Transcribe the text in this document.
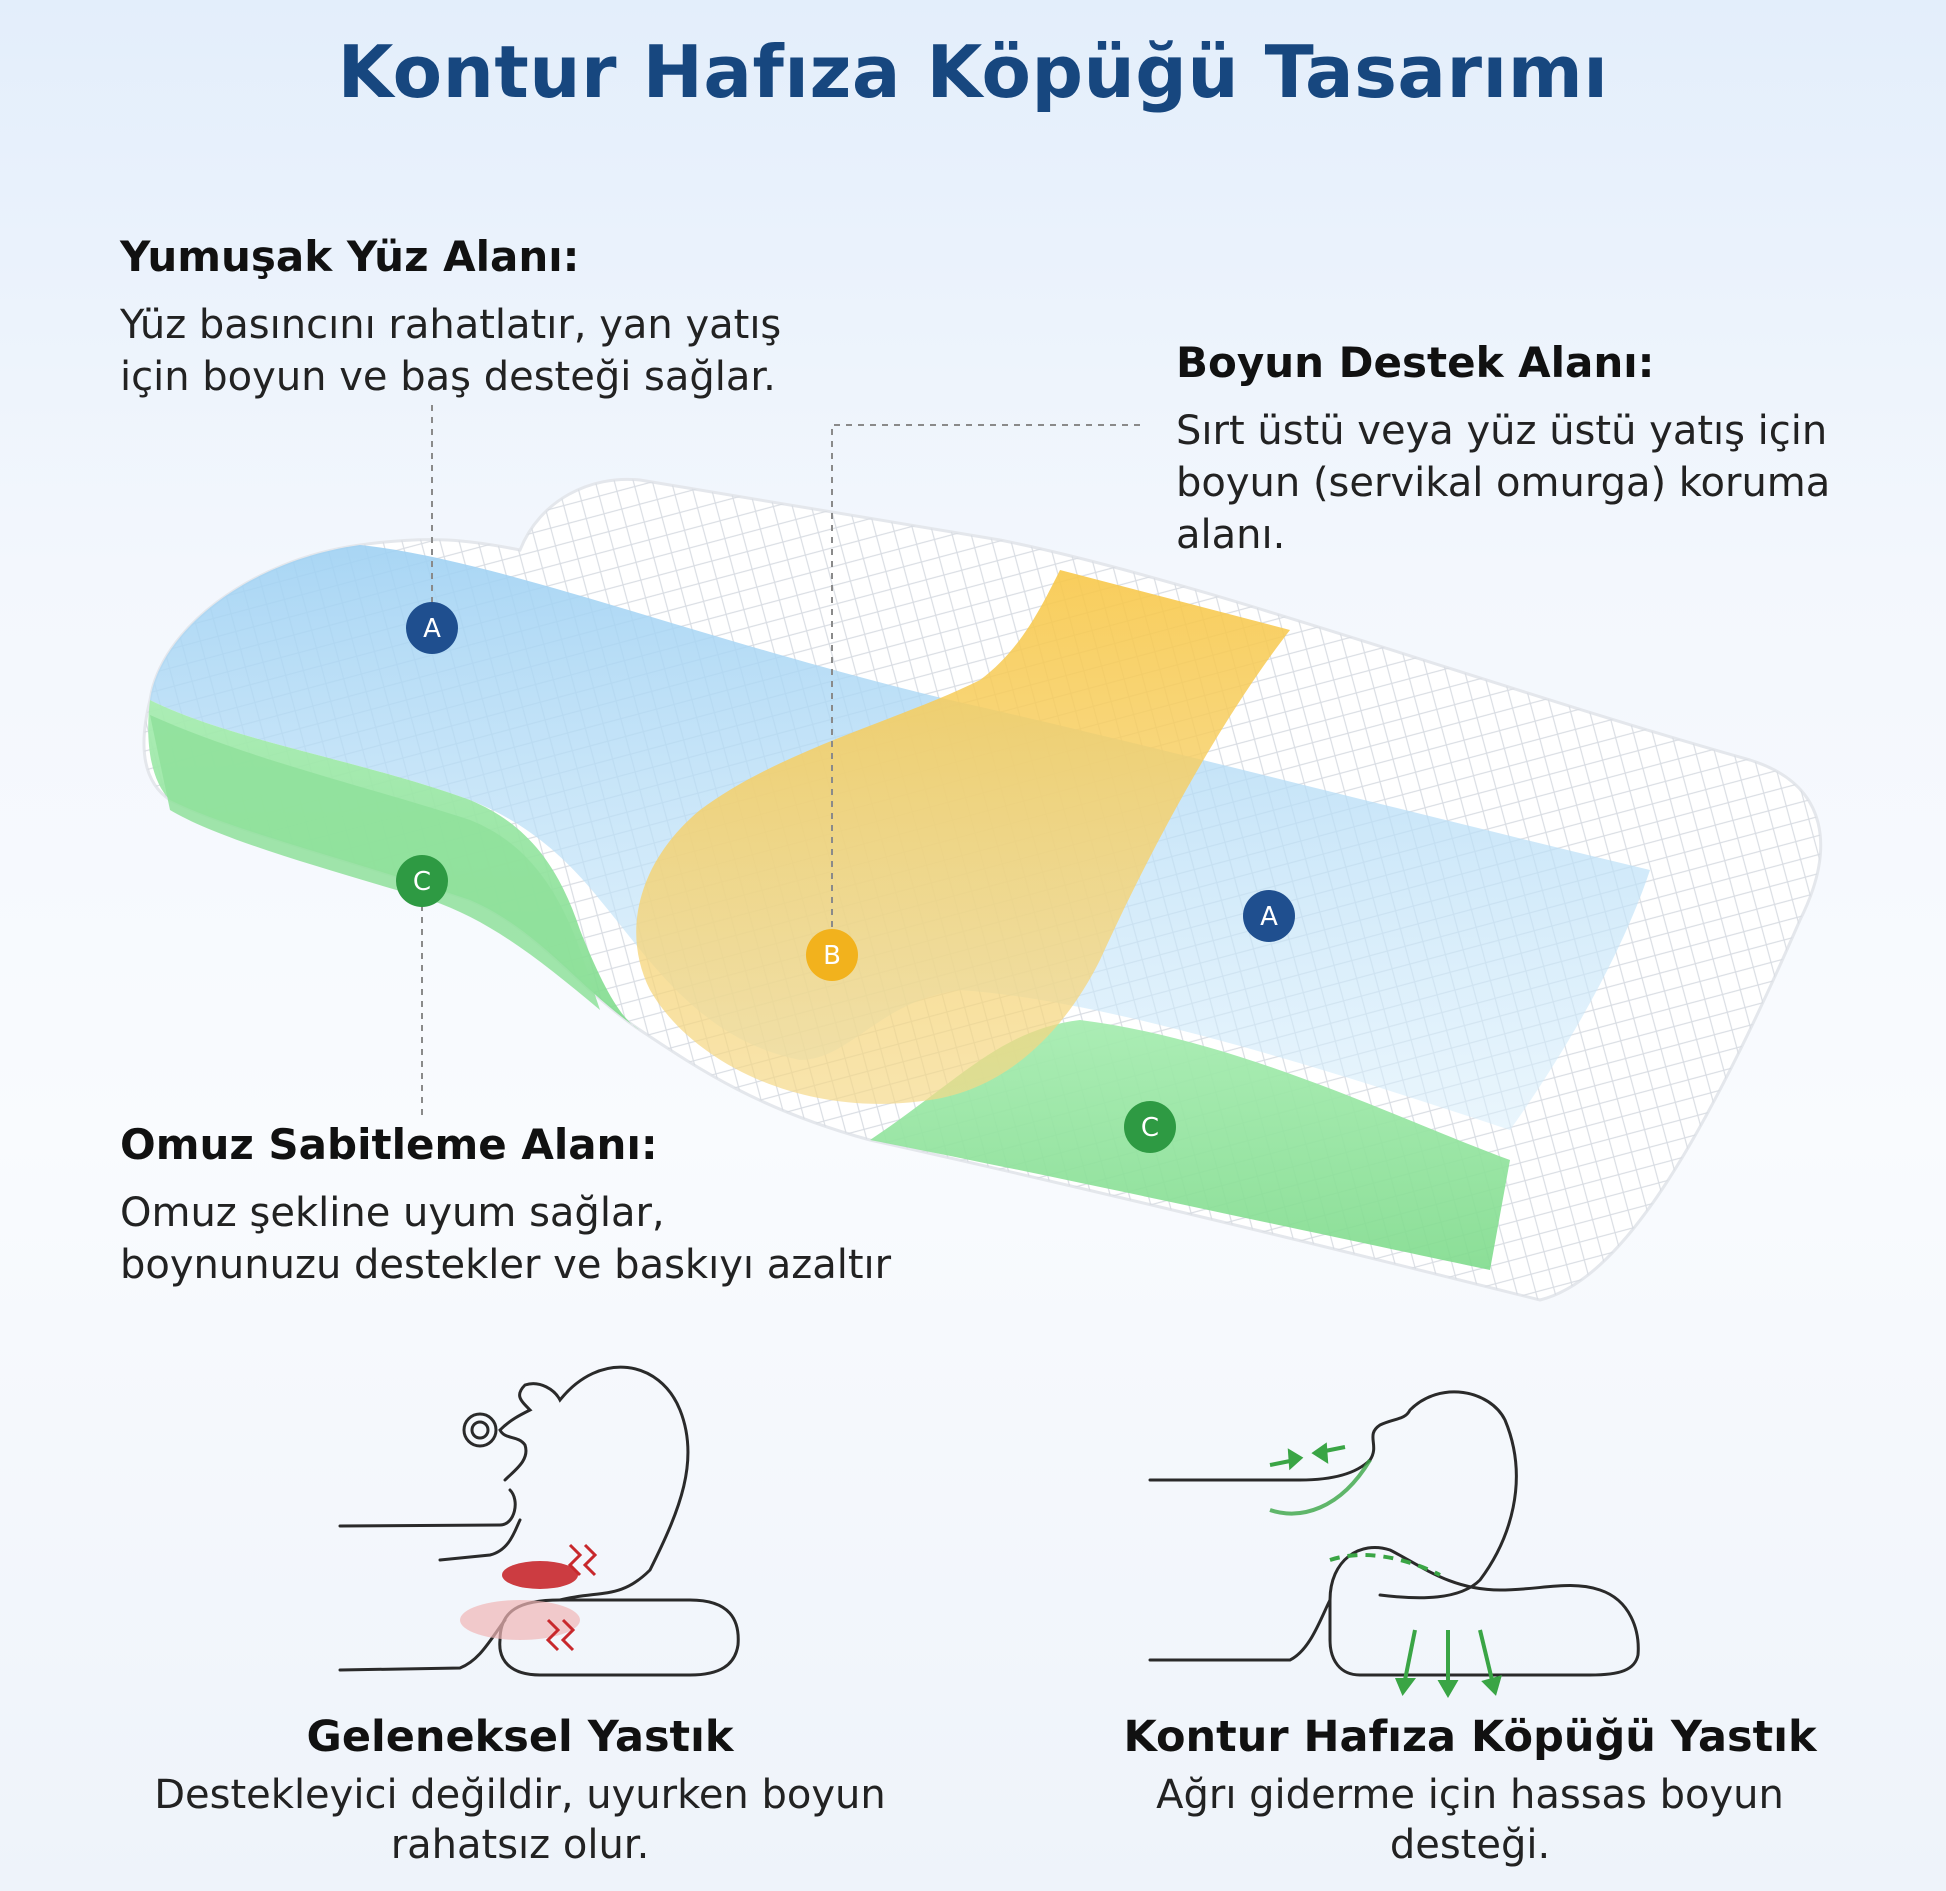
Kontur Hafıza Köpüğü Tasarımı
Yumuşak Yüz Alanı:
Yüz basıncını rahatlatır, yan yatış
için boyun ve baş desteği sağlar.	Boyun Destek Alanı:
Sırt üstü veya yüz üstü yatış için
boyun (servikal omurga) koruma
alanı.
Omuz Sabitleme Alanı:
Omuz şekline uyum sağlar,
boynunuzu destekler ve baskıyı azaltır
A
A
B
C
C
Geleneksel Yastık
Destekleyici değildir, uyurken boyun
rahatsız olur.
Kontur Hafıza Köpüğü Yastık
Ağrı giderme için hassas boyun
desteği.
